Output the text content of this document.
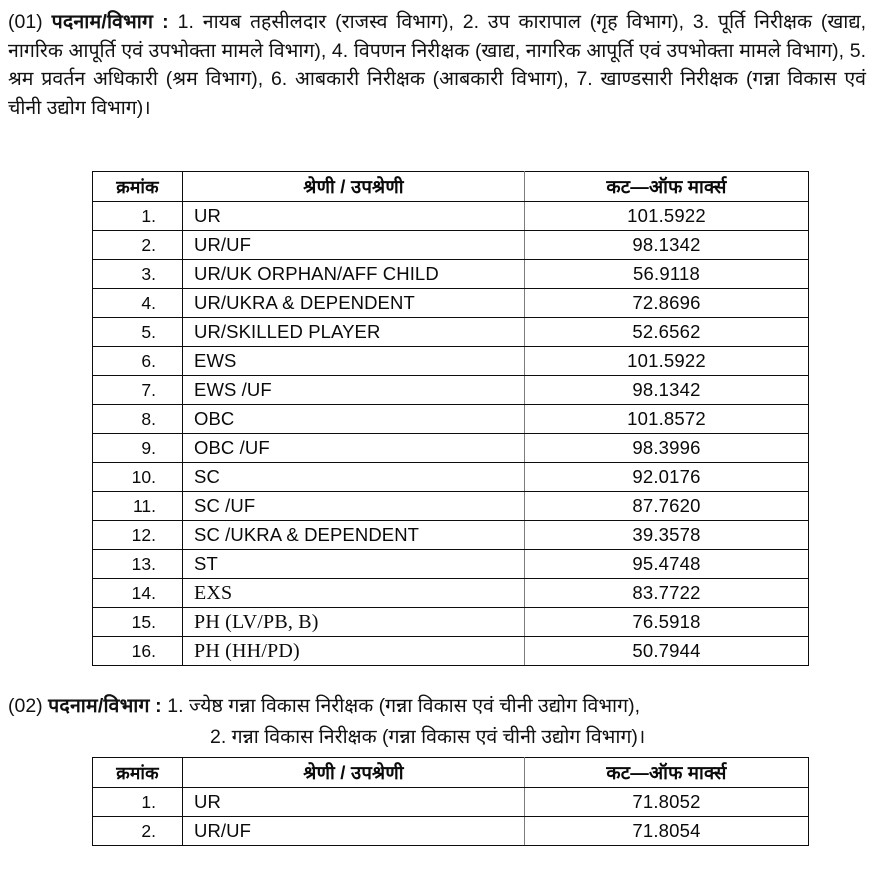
(01) पदनाम/विभाग : 1. नायब तहसीलदार (राजस्व विभाग), 2. उप कारापाल (गृह विभाग), 3. पूर्ति निरीक्षक (खाद्य, नागरिक आपूर्ति एवं उपभोक्ता मामले विभाग), 4. विपणन निरीक्षक (खाद्य, नागरिक आपूर्ति एवं उपभोक्ता मामले विभाग), 5. श्रम प्रवर्तन अधिकारी (श्रम विभाग), 6. आबकारी निरीक्षक (आबकारी विभाग), 7. खाण्डसारी निरीक्षक (गन्ना विकास एवं चीनी उद्योग विभाग)।
क्रमांक	श्रेणी / उपश्रेणी	कट—ऑफ मार्क्स
1.	UR	101.5922
2.	UR/UF	98.1342
3.	UR/UK ORPHAN/AFF CHILD	56.9118
4.	UR/UKRA & DEPENDENT	72.8696
5.	UR/SKILLED PLAYER	52.6562
6.	EWS	101.5922
7.	EWS /UF	98.1342
8.	OBC	101.8572
9.	OBC /UF	98.3996
10.	SC	92.0176
11.	SC /UF	87.7620
12.	SC /UKRA & DEPENDENT	39.3578
13.	ST	95.4748
14.	EXS	83.7722
15.	PH (LV/PB, B)	76.5918
16.	PH (HH/PD)	50.7944
(02) पदनाम/विभाग : 1. ज्येष्ठ गन्ना विकास निरीक्षक (गन्ना विकास एवं चीनी उद्योग विभाग),
2. गन्ना विकास निरीक्षक (गन्ना विकास एवं चीनी उद्योग विभाग)।
क्रमांक	श्रेणी / उपश्रेणी	कट—ऑफ मार्क्स
1.	UR	71.8052
2.	UR/UF	71.8054
